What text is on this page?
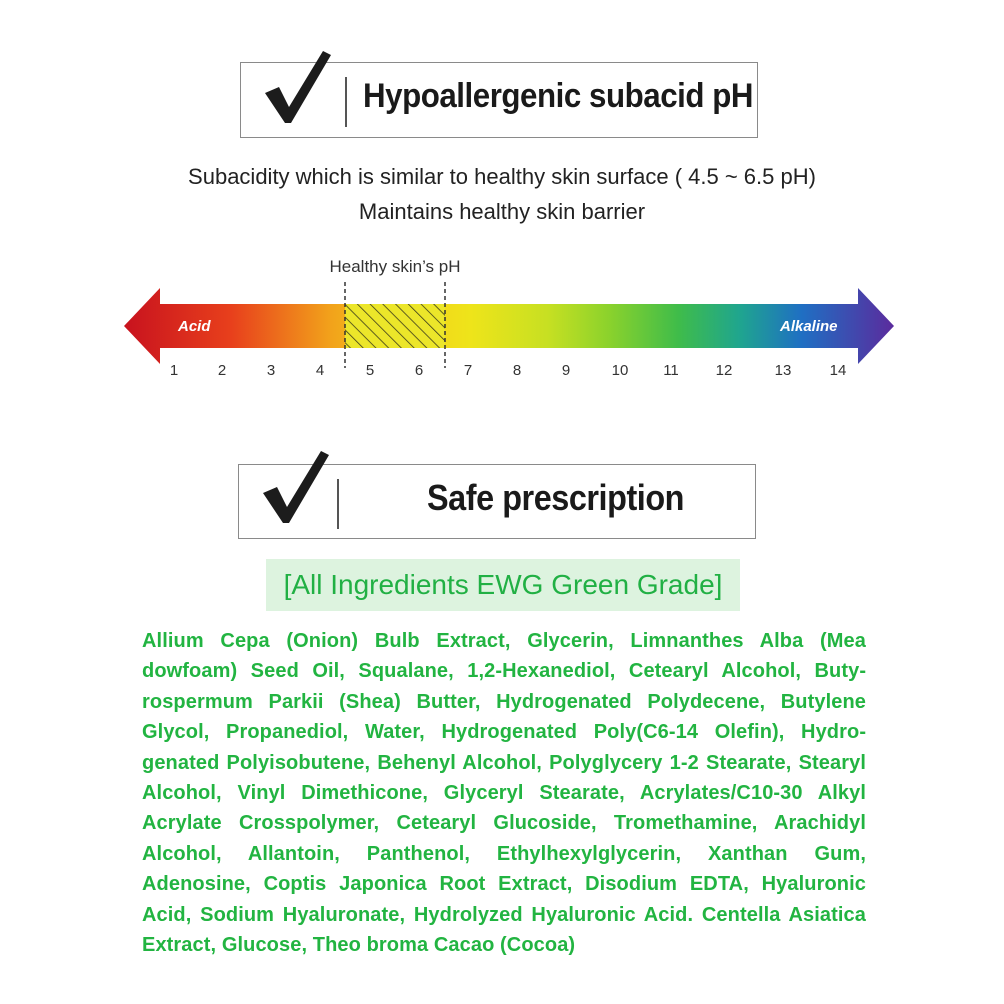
Hypoallergenic subacid pH
Subacidity which is similar to healthy skin surface ( 4.5 ~ 6.5 pH)
Maintains healthy skin barrier
Healthy skin’s pH
Acid	Alkaline
1	2	3	4	5	6	7	8	9	10 11 12	13	14
Safe prescription
[All Ingredients EWG Green Grade]
Allium Cepa (Onion) Bulb Extract, Glycerin, Limnanthes Alba (Mea dowfoam) Seed Oil, Squalane, 1,2-Hexanediol, Cetearyl Alcohol, Butyrospermum Parkii (Shea) Butter, Hydrogenated Polydecene, Butylene Glycol, Propanediol, Water, Hydrogenated Poly(C6-14 Olefin), Hydrogenated Polyisobutene, Behenyl Alcohol, Polyglycery 1-2 Stearate, Stearyl Alcohol, Vinyl Dimethicone, Glyceryl Stearate, Acrylates/C10-30 Alkyl Acrylate Crosspolymer, Cetearyl Glucoside, Tromethamine, Arachidyl Alcohol, Allantoin, Panthenol, Ethylhexylglycerin, Xanthan Gum, Adenosine, Coptis Japonica Root Extract, Disodium EDTA, Hyaluronic Acid, Sodium Hyaluronate, Hydrolyzed Hyaluronic Acid. Centella Asiatica Extract, Glucose, Theo broma Cacao (Cocoa)
